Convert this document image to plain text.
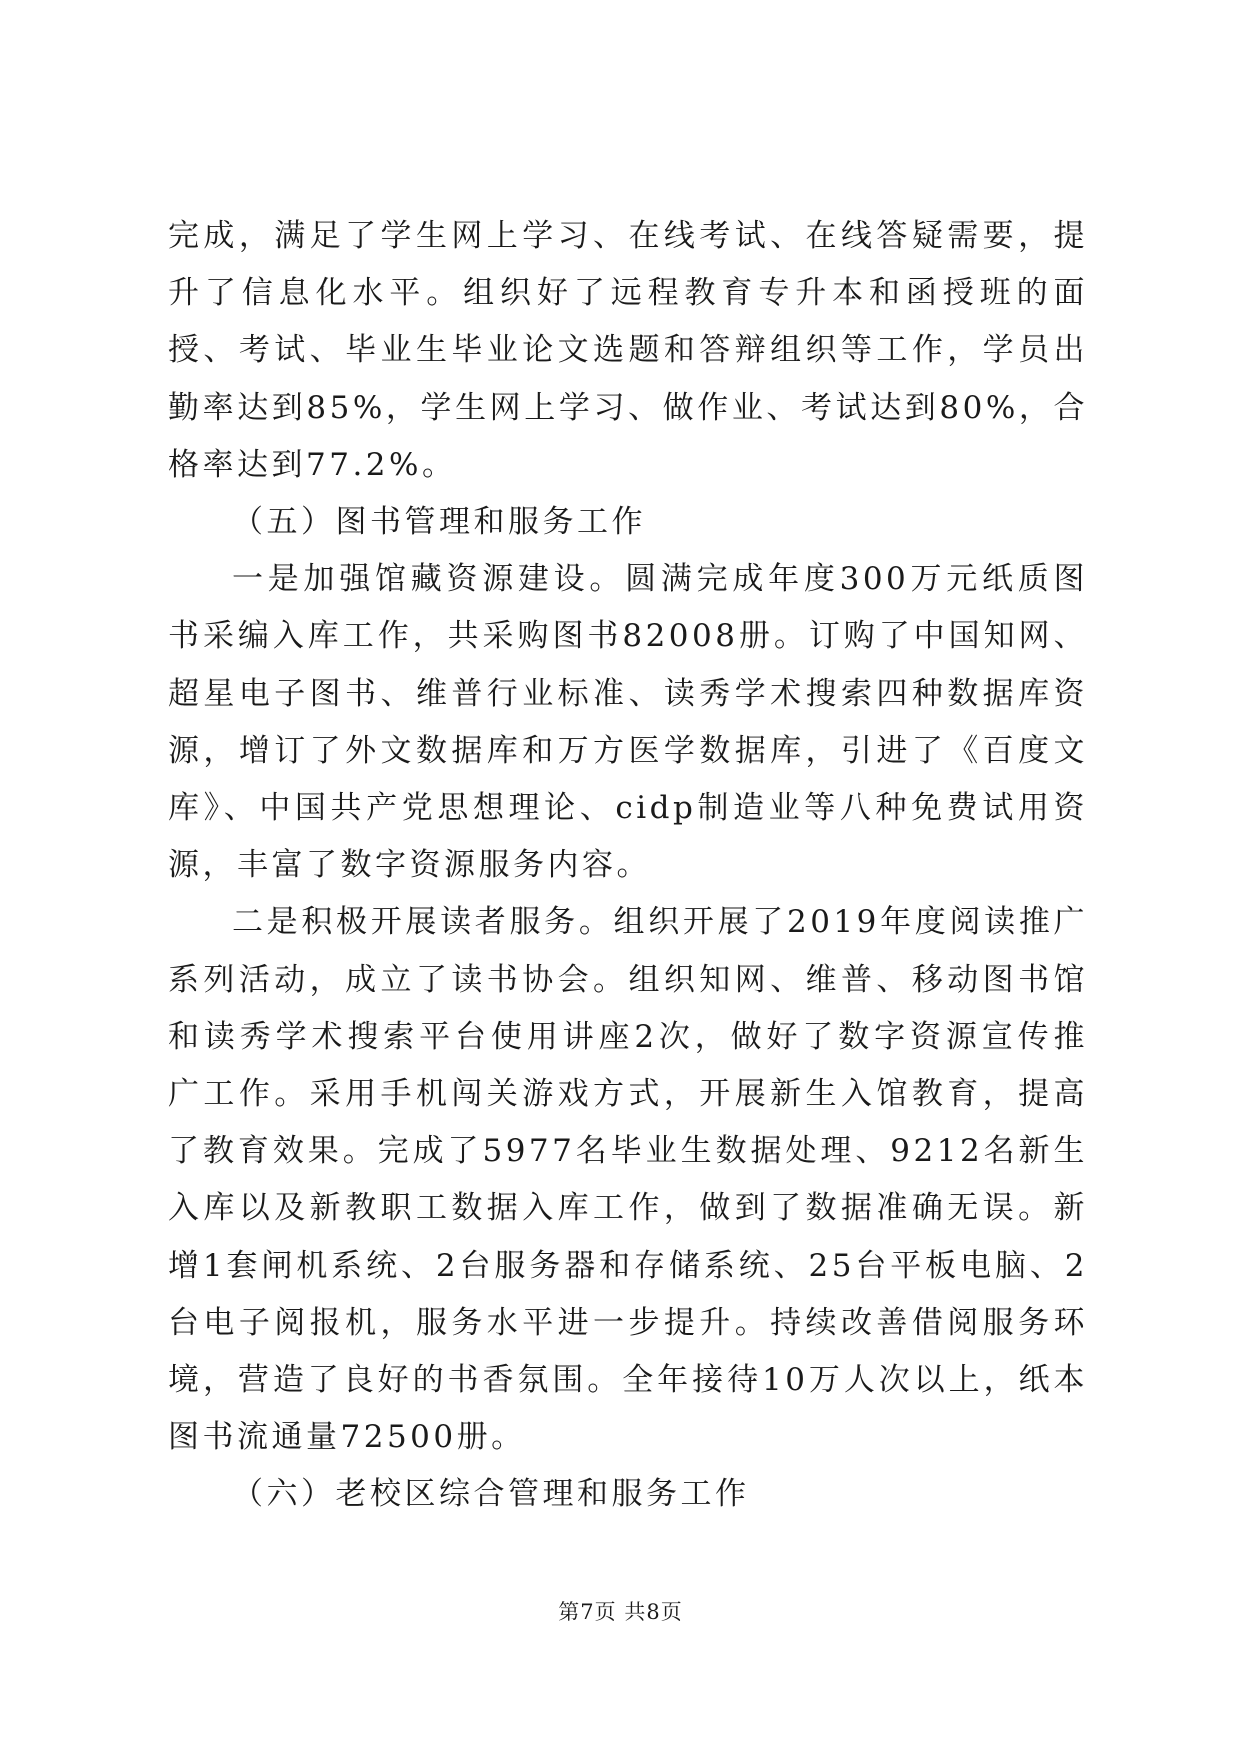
完成，满足了学生网上学习、在线考试、在线答疑需要，提升了信息化水平。组织好了远程教育专升本和函授班的面授、考试、毕业生毕业论文选题和答辩组织等工作，学员出勤率达到85%，学生网上学习、做作业、考试达到80%，合格率达到77.2%。

（五）图书管理和服务工作

一是加强馆藏资源建设。圆满完成年度300万元纸质图书采编入库工作，共采购图书82008册。订购了中国知网、超星电子图书、维普行业标准、读秀学术搜索四种数据库资源，增订了外文数据库和万方医学数据库，引进了《百度文库》、中国共产党思想理论、cidp制造业等八种免费试用资源，丰富了数字资源服务内容。

二是积极开展读者服务。组织开展了2019年度阅读推广系列活动，成立了读书协会。组织知网、维普、移动图书馆和读秀学术搜索平台使用讲座2次，做好了数字资源宣传推广工作。采用手机闯关游戏方式，开展新生入馆教育，提高了教育效果。完成了5977名毕业生数据处理、9212名新生入库以及新教职工数据入库工作，做到了数据准确无误。新增1套闸机系统、2台服务器和存储系统、25台平板电脑、2台电子阅报机，服务水平进一步提升。持续改善借阅服务环境，营造了良好的书香氛围。全年接待10万人次以上，纸本图书流通量72500册。

（六）老校区综合管理和服务工作

第7页 共8页
